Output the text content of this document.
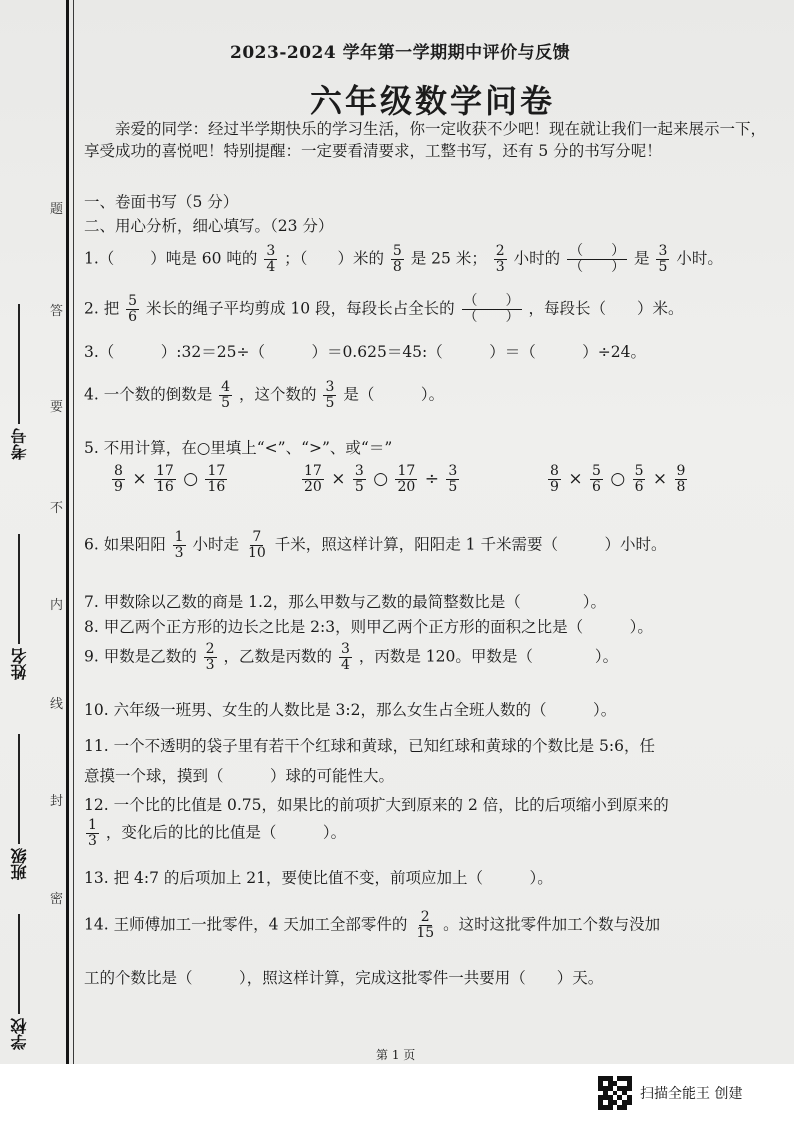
题
答
要
不
内
线
封
密
考号
姓名
班级
学校
2023-2024 学年第一学期期中评价与反馈
六年级数学问卷
亲爱的同学：经过半学期快乐的学习生活，你一定收获不少吧！现在就让我们一起来展示一下，享受成功的喜悦吧！特别提醒：一定要看清要求，工整书写，还有 5 分的书写分呢！
一、卷面书写（5 分）
二、用心分析，细心填写。（23 分）
1.（ ）吨是 60 吨的 $\frac{3}{4}$ ；（ ）米的 $\frac{5}{8}$ 是 25 米； $\frac{2}{3}$ 小时的 $\frac{( )}{( )}$ 是 $\frac{3}{5}$ 小时。
2. 把 $\frac{5}{6}$ 米长的绳子平均剪成 10 段，每段长占全长的 $\frac{( )}{( )}$ ，每段长（　　）米。
3.（　　　）:32＝25÷（　　　）＝0.625＝45:（　　　）＝（　　　）÷24。
4. 一个数的倒数是 $\frac{4}{5}$ ，这个数的 $\frac{3}{5}$ 是（　　　）。
5. 不用计算，在○里填上“<”、“>”、或“＝”
$\frac{8}{9} \times \frac{17}{16}$ ○ $\frac{17}{16}$	$\frac{17}{20} \times \frac{3}{5}$ ○ $\frac{17}{20} \div \frac{3}{5}$	$\frac{8}{9} \times \frac{5}{6}$ ○ $\frac{5}{6} \times \frac{9}{8}$
6. 如果阳阳 $\frac{1}{3}$ 小时走 $\frac{7}{10}$ 千米，照这样计算，阳阳走 1 千米需要（　　　）小时。
7. 甲数除以乙数的商是 1.2，那么甲数与乙数的最简整数比是（　　　　）。
8. 甲乙两个正方形的边长之比是 2:3，则甲乙两个正方形的面积之比是（　　　）。
9. 甲数是乙数的 $\frac{2}{3}$ ，乙数是丙数的 $\frac{3}{4}$ ，丙数是 120。甲数是（　　　　）。
10. 六年级一班男、女生的人数比是 3:2，那么女生占全班人数的（　　　）。
11. 一个不透明的袋子里有若干个红球和黄球，已知红球和黄球的个数比是 5:6，任
意摸一个球，摸到（　　　）球的可能性大。
12. 一个比的比值是 0.75，如果比的前项扩大到原来的 2 倍，比的后项缩小到原来的
$\frac{1}{3}$ ，变化后的比的比值是（　　　）。
13. 把 4:7 的后项加上 21，要使比值不变，前项应加上（　　　）。
14. 王师傅加工一批零件，4 天加工全部零件的 $\frac{2}{15}$ 。这时这批零件加工个数与没加
工的个数比是（　　　），照这样计算，完成这批零件一共要用（　　）天。
第 1 页
扫描全能王 创建
